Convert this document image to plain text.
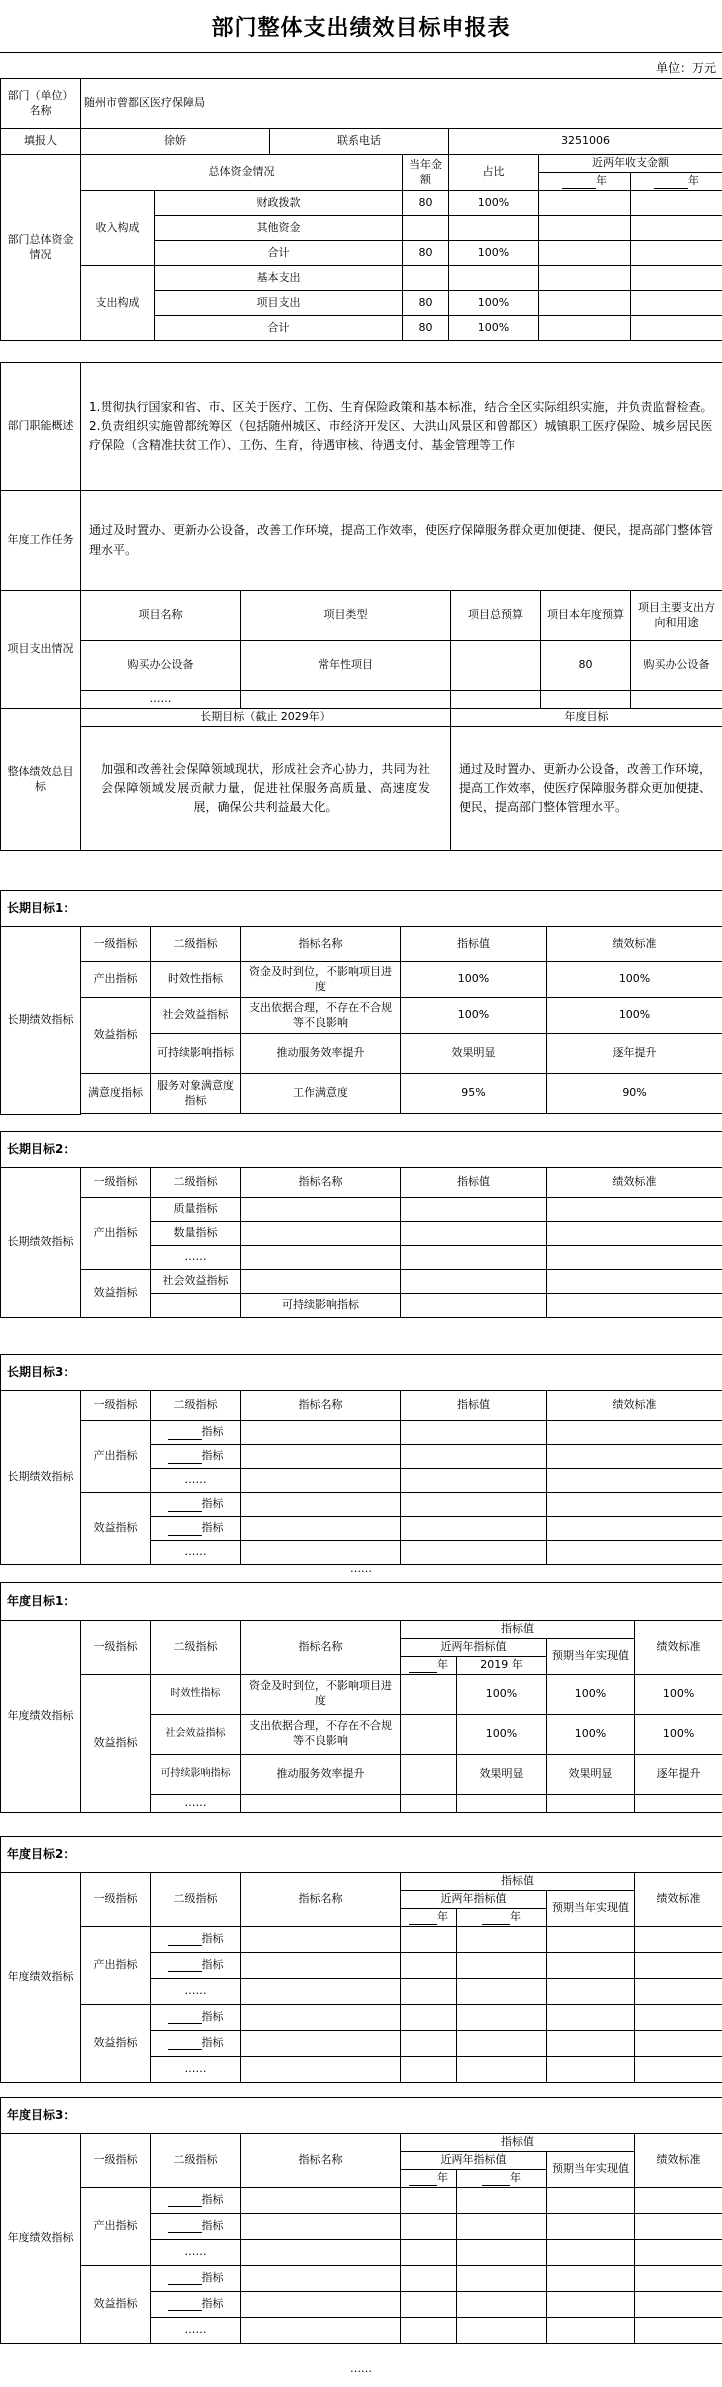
部门整体支出绩效目标申报表
单位：万元
部门（单位）名称	随州市曾都区医疗保障局						
填报人	徐娇		联系电话		3251006		
部门总体资金情况	总体资金情况			当年金额	占比	近两年收支金额	
						年	年
	收入构成	财政拨款		80	100%		
		其他资金					
		合计		80	100%		
	支出构成	基本支出					
		项目支出		80	100%		
		合计		80	100%		
部门职能概述	1.贯彻执行国家和省、市、区关于医疗、工伤、生育保险政策和基本标准，结合全区实际组织实施，并负责监督检查。
2.负责组织实施曾都统筹区（包括随州城区、市经济开发区、大洪山风景区和曾都区）城镇职工医疗保险、城乡居民医疗保险（含精准扶贫工作）、工伤、生育，待遇审核、待遇支付、基金管理等工作				
年度工作任务	通过及时置办、更新办公设备，改善工作环境，提高工作效率，使医疗保障服务群众更加便捷、便民，提高部门整体管理水平。				
项目支出情况	项目名称	项目类型	项目总预算	项目本年度预算	项目主要支出方向和用途
	购买办公设备	常年性项目		80	购买办公设备
	……				
整体绩效总目标	长期目标（截止 2029年）		年度目标		
	加强和改善社会保障领域现状，形成社会齐心协力，共同为社会保障领域发展贡献力量，促进社保服务高质量、高速度发展，确保公共利益最大化。		通过及时置办、更新办公设备，改善工作环境，提高工作效率，使医疗保障服务群众更加便捷、便民，提高部门整体管理水平。		
长期目标1：					
长期绩效指标	一级指标	二级指标	指标名称	指标值	绩效标准
	产出指标	时效性指标	资金及时到位，不影响项目进度	100%	100%
	效益指标	社会效益指标	支出依据合理，不存在不合规等不良影响	100%	100%
		可持续影响指标	推动服务效率提升	效果明显	逐年提升
	满意度指标	服务对象满意度指标	工作满意度	95%	90%

长期目标2：						
长期绩效指标	一级指标	二级指标	指标名称	指标值	绩效标准	
	产出指标	质量指标				
		数量指标				
		……				
	效益指标	社会效益指标				
			可持续影响指标			
长期目标3：					
长期绩效指标	一级指标	二级指标	指标名称	指标值	绩效标准
	产出指标	指标			
		指标			
		……			
	效益指标	指标			
		指标			
		……			
……
年度目标1：							
年度绩效指标	一级指标	二级指标	指标名称	指标值			绩效标准
				近两年指标值		预期当年实现值	
				年	2019 年		
	效益指标	时效性指标	资金及时到位，不影响项目进度		100%	100%	100%
		社会效益指标	支出依据合理，不存在不合规等不良影响		100%	100%	100%
		可持续影响指标	推动服务效率提升		效果明显	效果明显	逐年提升
		……					
年度目标2：							
年度绩效指标	一级指标	二级指标	指标名称	指标值			绩效标准
				近两年指标值		预期当年实现值	
				年	年		
	产出指标	指标					
		指标					
		……					
	效益指标	指标					
		指标					
		……					
年度目标3：							
年度绩效指标	一级指标	二级指标	指标名称	指标值			绩效标准
				近两年指标值		预期当年实现值	
				年	年		
	产出指标	指标					
		指标					
		……					
	效益指标	指标					
		指标					
		……					
……
